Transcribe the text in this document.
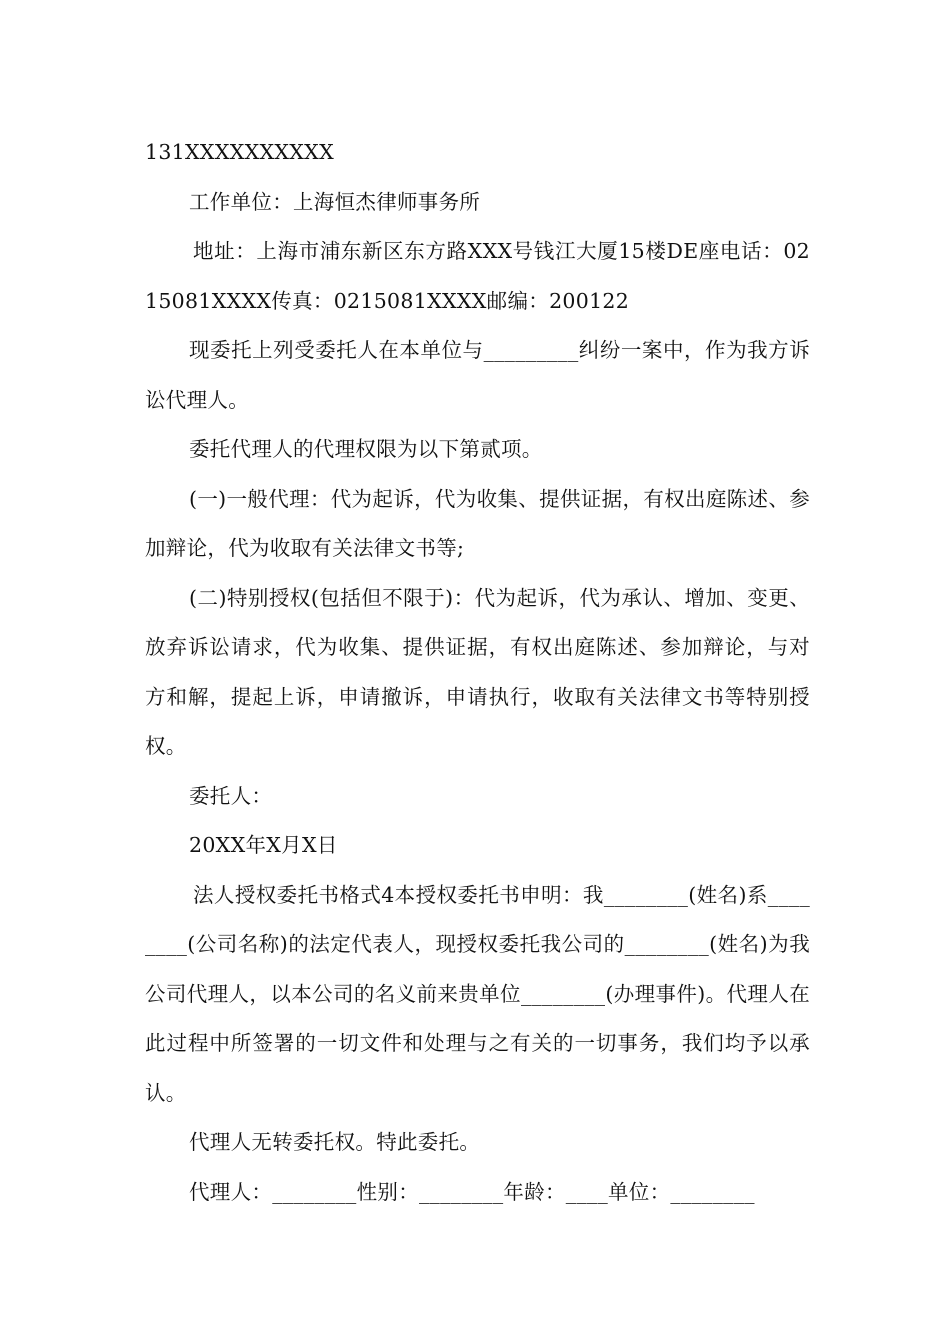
131XXXXXXXXXX

工作单位：上海恒杰律师事务所

地址：上海市浦东新区东方路XXX号钱江大厦15楼DE座电话：0215081XXXX传真：0215081XXXX邮编：200122

现委托上列受委托人在本单位与_________纠纷一案中，作为我方诉讼代理人。

委托代理人的代理权限为以下第贰项。

(一)一般代理：代为起诉，代为收集、提供证据，有权出庭陈述、参加辩论，代为收取有关法律文书等;

(二)特别授权(包括但不限于)：代为起诉，代为承认、增加、变更、放弃诉讼请求，代为收集、提供证据，有权出庭陈述、参加辩论，与对方和解，提起上诉，申请撤诉，申请执行，收取有关法律文书等特别授权。

委托人：

20XX年X月X日

法人授权委托书格式4本授权委托书申明：我________(姓名)系________(公司名称)的法定代表人，现授权委托我公司的________(姓名)为我公司代理人，以本公司的名义前来贵单位________(办理事件)。代理人在此过程中所签署的一切文件和处理与之有关的一切事务，我们均予以承认。

代理人无转委托权。特此委托。

代理人：________性别：________年龄：____单位：________
